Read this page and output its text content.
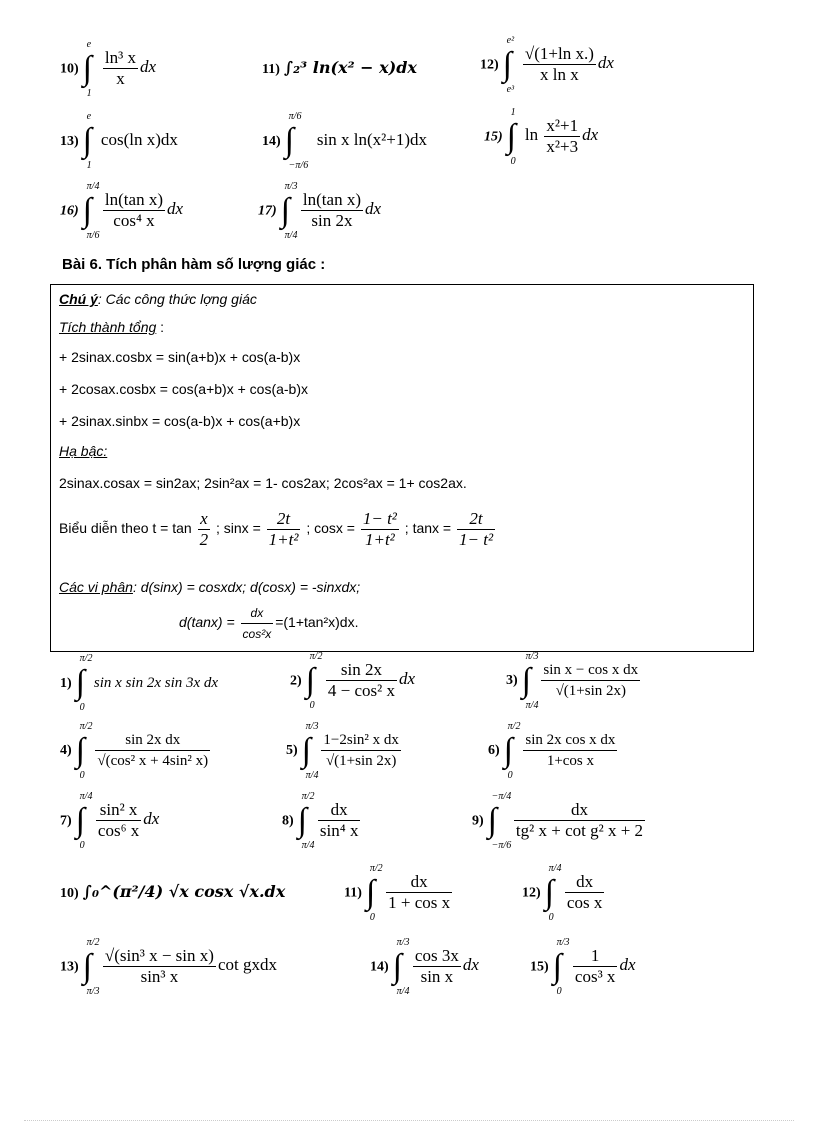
10) ∫
e
1

$\frac{\text{ln³ x}}{x}$ dx	11) ∫₂³ ln(x² − x)dx	12) ∫
e²
e³

$\frac{\text{√(1+ln x.)}}{\text{x ln x}}$ dx
13) ∫
e
1
cos(ln x)dx	14) ∫
π/6
−π/6
sin x ln(x²+1)dx	15) ∫
1
0
$\ln \frac{\text{x²+1}}{\text{x²+3}}$ dx
16) ∫
π/4
π/6

$\frac{\text{ln(tan x)}}{\text{cos⁴ x}}$ dx	17) ∫
π/3
π/4

$\frac{\text{ln(tan x)}}{\sin 2x}$ dx
Bài 6. Tích phân hàm số lượng giác :
Chú ý: Các công thức lợng giác
Tích thành tổng :
+ 2sinax.cosbx = sin(a+b)x + cos(a-b)x
+ 2cosax.cosbx = cos(a+b)x + cos(a-b)x
+ 2sinax.sinbx = cos(a-b)x + cos(a+b)x
Hạ bậc:
2sinax.cosax = sin2ax; 2sin²ax = 1- cos2ax; 2cos²ax = 1+ cos2ax.
Biểu diễn theo $t = \tan \frac{x}{2}$ ; $\sin x = \frac{2t}{\text{1+t²}}$ ; $\cos x = \frac{\text{1− t²}}{\text{1+t²}}$ ; $\tan x = \frac{2t}{\text{1− t²}}$
Các vi phân: d(sinx) = cosxdx; d(cosx) = -sinxdx;
$d(\tan x) = \frac{dx}{\text{cos²x}} =(1+\tan^2x)dx$.
1) ∫
π/2
0
sin x sin 2x sin 3x dx	2) ∫
π/2
0

$\frac{\sin 2x}{\text{4 − cos² x}}$ dx	3) ∫
π/3
π/4

$\frac{\text{sin x − cos x dx}}{√(1+\sin 2x)}$
4) ∫
π/2
0

$\frac{\text{sin 2x dx}}{\text{√(cos² x + 4sin² x)}}$	5) ∫
π/3
π/4

$\frac{\text{1−2sin² x dx}}{√(1+\sin 2x)}$	6) ∫
π/2
0

$\frac{\text{sin 2x cos x dx}}{\text{1+cos x}}$
7) ∫
π/4
0

$\frac{\text{sin² x}}{\text{cos⁶ x}}$ dx	8) ∫
π/2
π/4

$\frac{dx}{\text{sin⁴ x}}$	9) ∫
−π/4
−π/6

$\frac{dx}{\text{tg² x + cot g² x + 2}}$
10) ∫₀^(π²/4) √x cosx √x.dx	11) ∫
π/2
0

$\frac{dx}{\text{1 + cos x}}$	12) ∫
π/4
0

$\frac{dx}{\text{cos x}}$
13) ∫
π/2
π/3

$\frac{\text{√(sin³ x − sin x)}}{\text{sin³ x}}$ cot gxdx	14) ∫
π/3
π/4

$\frac{\cos 3x}{\text{sin x}}$ dx	15) ∫
π/3
0

$\frac{1}{\text{cos³ x}}$ dx
